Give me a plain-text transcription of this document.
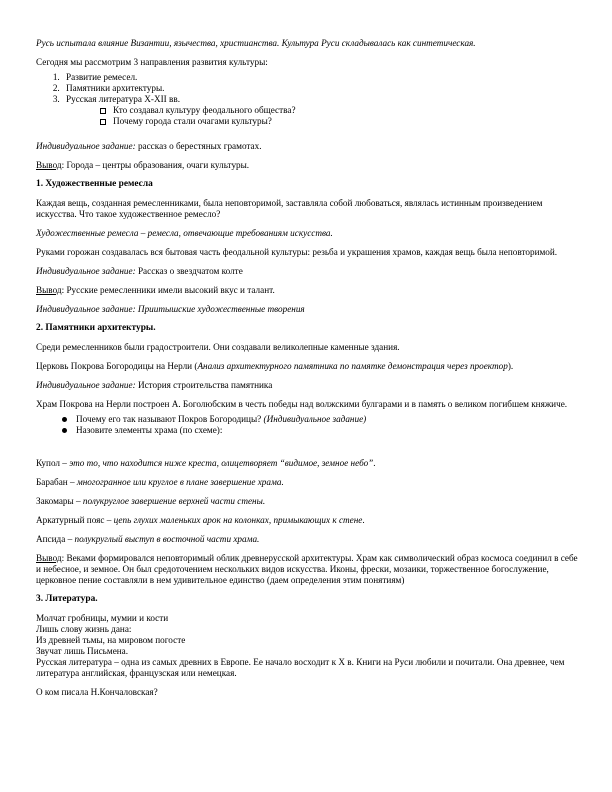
Русь испытала влияние Византии, язычества, христианства. Культура Руси складывалась как синтетическая.

Сегодня мы рассмотрим 3 направления развития культуры:

1. Развитие ремесел.
2. Памятники архитектуры.
3. Русская литература X-XII вв.
Кто создавал культуру феодального общества?
Почему города стали очагами культуры?

Индивидуальное задание: рассказ о берестяных грамотах.

Вывод: Города – центры образования, очаги культуры.

1. Художественные ремесла

Каждая вещь, созданная ремесленниками, была неповторимой, заставляла собой любоваться, являлась истинным произведением искусства. Что такое художественное ремесло?

Художественные ремесла – ремесла, отвечающие требованиям искусства.

Руками горожан создавалась вся бытовая часть феодальной культуры: резьба и украшения храмов, каждая вещь была неповторимой.

Индивидуальное задание: Рассказ о звездчатом колте

Вывод: Русские ремесленники имели высокий вкус и талант.

Индивидуальное задание: Приитышские художественные творения

2. Памятники архитектуры.

Среди ремесленников были градостроители. Они создавали великолепные каменные здания.

Церковь Покрова Богородицы на Нерли (Анализ архитектурного памятника по памятке демонстрация через проектор).

Индивидуальное задание: История строительства памятника

Храм Покрова на Нерли построен А. Боголюбским в честь победы над волжскими булгарами и в память о великом погибшем княжиче.

Почему его так называют Покров Богородицы? (Индивидуальное задание)
Назовите элементы храма (по схеме):

Купол – это то, что находится ниже креста, олицетворяет “видимое, земное небо”.

Барабан – многогранное или круглое в плане завершение храма.

Закомары – полукруглое завершение верхней части стены.

Аркатурный пояс – цепь глухих маленьких арок на колонках, примыкающих к стене.

Апсида – полукруглый выступ в восточной части храма.

Вывод: Веками формировался неповторимый облик древнерусской архитектуры. Храм как символический образ космоса соединил в себе и небесное, и земное. Он был средоточением нескольких видов искусства. Иконы, фрески, мозаики, торжественное богослужение, церковное пение составляли в нем удивительное единство (даем определения этим понятиям)

3. Литература.

Молчат гробницы, мумии и кости

Лишь слову жизнь дана:

Из древней тьмы, на мировом погосте

Звучат лишь Письмена.

Русская литература – одна из самых древних в Европе. Ее начало восходит к X в. Книги на Руси любили и почитали. Она древнее, чем литература английская, французская или немецкая.

О ком писала Н.Кончаловская?
